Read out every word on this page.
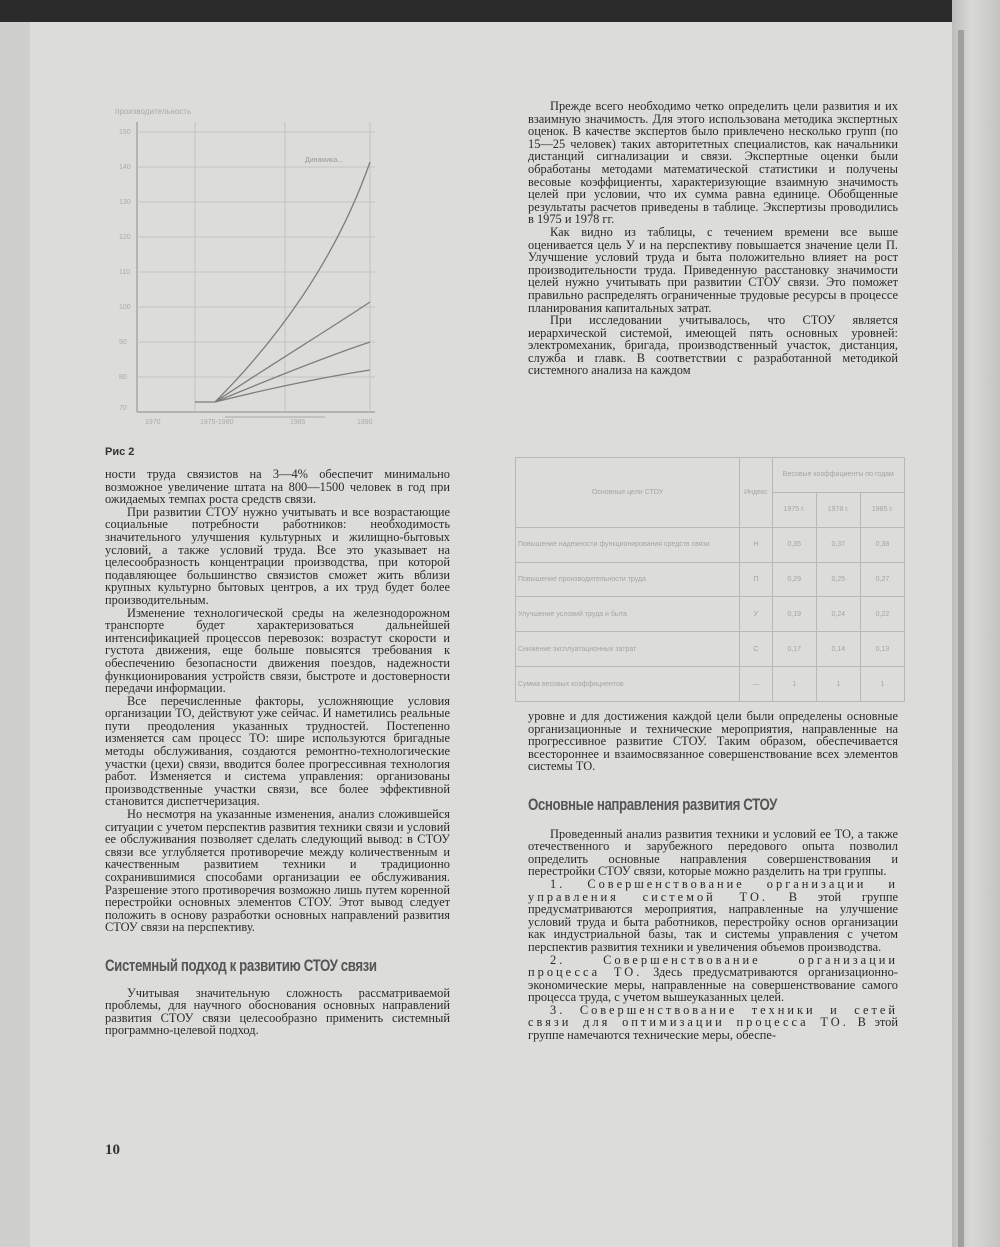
производительность
150
140
130
120
110
100
90
80
70
1970	1975-1980	1985	1990
Динамика...
Рис 2

ности труда связистов на 3—4% обеспечит минимально возможное увеличение штата на 800—1500 человек в год при ожидаемых темпах роста средств связи.

При развитии СТОУ нужно учитывать и все возрастающие социальные потребности работников: необходимость значительного улучшения культурных и жилищно-бытовых условий, а также условий труда. Все это указывает на целесообразность концентрации производства, при которой подавляющее большинство связистов сможет жить вблизи крупных культурно бытовых центров, а их труд будет более производительным.

Изменение технологической среды на железнодорожном транспорте будет характеризоваться дальнейшей интенсификацией процессов перевозок: возрастут скорости и густота движения, еще больше повысятся требования к обеспечению безопасности движения поездов, надежности функционирования устройств связи, быстроте и достоверности передачи информации.

Все перечисленные факторы, усложняющие условия организации ТО, действуют уже сейчас. И наметились реальные пути преодоления указанных трудностей. Постепенно изменяется сам процесс ТО: шире используются бригадные методы обслуживания, создаются ремонтно-технологические участки (цехи) связи, вводится более прогрессивная технология работ. Изменяется и система управления: организованы производственные участки связи, все более эффективной становится диспетчеризация.

Но несмотря на указанные изменения, анализ сложившейся ситуации с учетом перспектив развития техники связи и условий ее обслуживания позволяет сделать следующий вывод: в СТОУ связи все углубляется противоречие между количественным и качественным развитием техники и традиционно сохранившимися способами организации ее обслуживания. Разрешение этого противоречия возможно лишь путем коренной перестройки основных элементов СТОУ. Этот вывод следует положить в основу разработки основных направлений развития СТОУ связи на перспективу.

Системный подход к развитию СТОУ связи

Учитывая значительную сложность рассматриваемой проблемы, для научного обоснования основных направлений развития СТОУ связи целесообразно применить системный программно-целевой подход.

10

Прежде всего необходимо четко определить цели развития и их взаимную значимость. Для этого использована методика экспертных оценок. В качестве экспертов было привлечено несколько групп (по 15—25 человек) таких авторитетных специалистов, как начальники дистанций сигнализации и связи. Экспертные оценки были обработаны методами математической статистики и получены весовые коэффициенты, характеризующие взаимную значимость целей при условии, что их сумма равна единице. Обобщенные результаты расчетов приведены в таблице. Экспертизы проводились в 1975 и 1978 гг.

Как видно из таблицы, с течением времени все выше оценивается цель У и на перспективу повышается значение цели П. Улучшение условий труда и быта положительно влияет на рост производительности труда. Приведенную расстановку значимости целей нужно учитывать при развитии СТОУ связи. Это поможет правильно распределять ограниченные трудовые ресурсы в процессе планирования капитальных затрат.

При исследовании учитывалось, что СТОУ является иерархической системой, имеющей пять основных уровней: электромеханик, бригада, производственный участок, дистанция, служба и главк. В соответствии с разработанной методикой системного анализа на каждом

Основные цели СТОУ	Индекс	Весовые коэффициенты по годам		
		1975 г.	1978 г.	1985 г.
Повышение надежности функционирования средств связи	Н	0,35	0,37	0,38
Повышение производительности труда	П	0,29	0,25	0,27
Улучшение условий труда и быта	У	0,19	0,24	0,22
Снижение эксплуатационных затрат	С	0,17	0,14	0,13
Сумма весовых коэффициентов	—	1	1	1

уровне и для достижения каждой цели были определены основные организационные и технические мероприятия, направленные на прогрессивное развитие СТОУ. Таким образом, обеспечивается всестороннее и взаимосвязанное совершенствование всех элементов системы ТО.

Основные направления развития СТОУ

Проведенный анализ развития техники и условий ее ТО, а также отечественного и зарубежного передового опыта позволил определить основные направления совершенствования и перестройки СТОУ связи, которые можно разделить на три группы.

1. Совершенствование организации и управления системой ТО. В этой группе предусматриваются мероприятия, направленные на улучшение условий труда и быта работников, перестройку основ организации как индустриальной базы, так и системы управления с учетом перспектив развития техники и увеличения объемов производства.

2. Совершенствование организации процесса ТО. Здесь предусматриваются организационно-экономические меры, направленные на совершенствование самого процесса труда, с учетом вышеуказанных целей.

3. Совершенствование техники и сетей связи для оптимизации процесса ТО. В этой группе намечаются технические меры, обеспе-
